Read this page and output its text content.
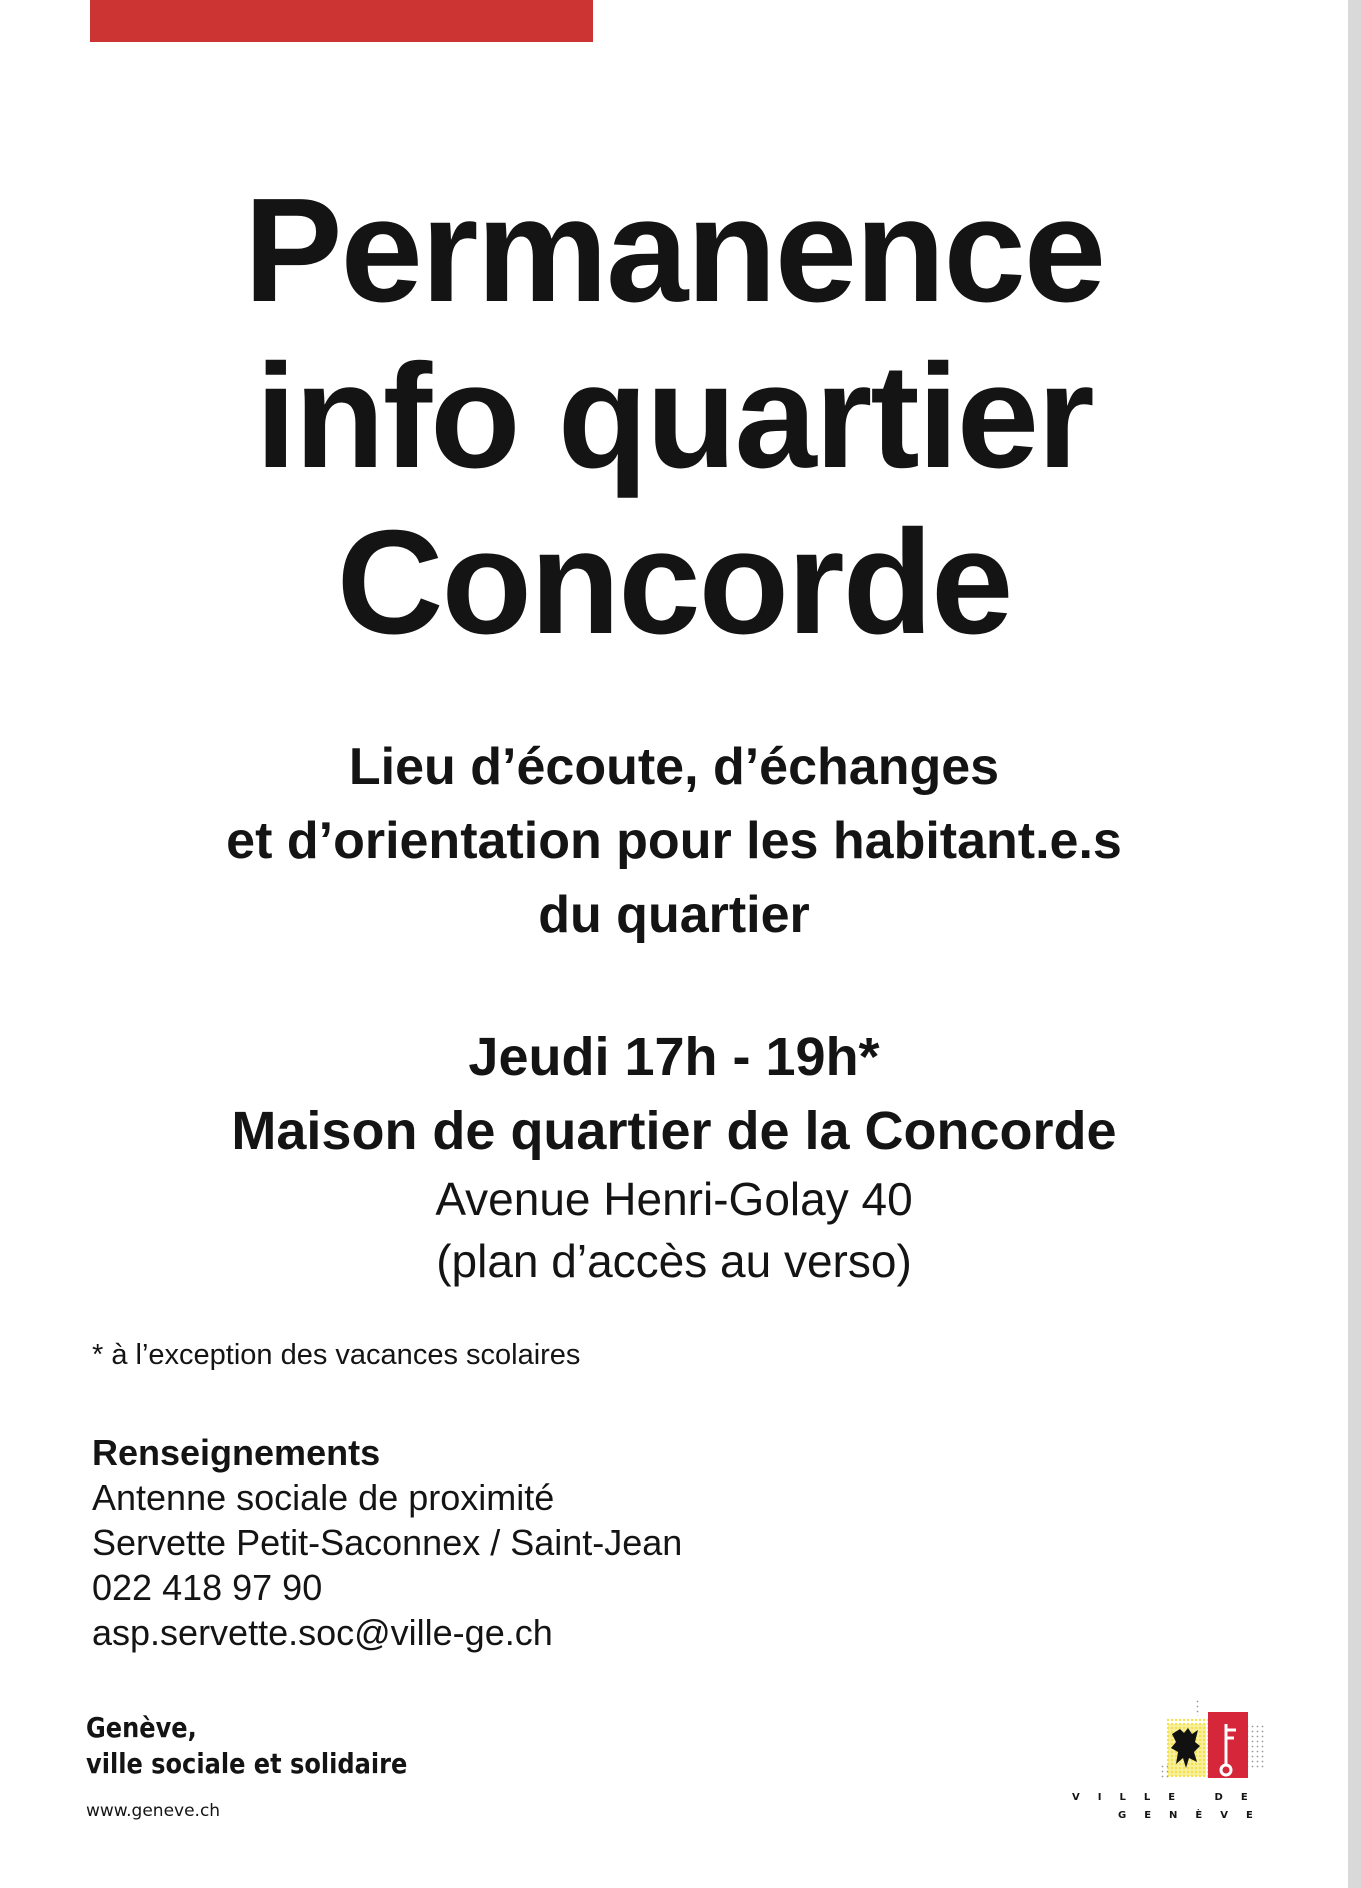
Permanence
info quartier
Concorde
Lieu d’écoute, d’échanges
et d’orientation pour les habitant.e.s
du quartier
Jeudi 17h - 19h*
Maison de quartier de la Concorde
Avenue Henri-Golay 40
(plan d’accès au verso)
* à l’exception des vacances scolaires
Renseignements
Antenne sociale de proximité
Servette Petit-Saconnex / Saint-Jean
022 418 97 90
asp.servette.soc@ville-ge.ch
Genève,
ville sociale et solidaire
www.geneve.ch
VILLE DE
GENÈVE
